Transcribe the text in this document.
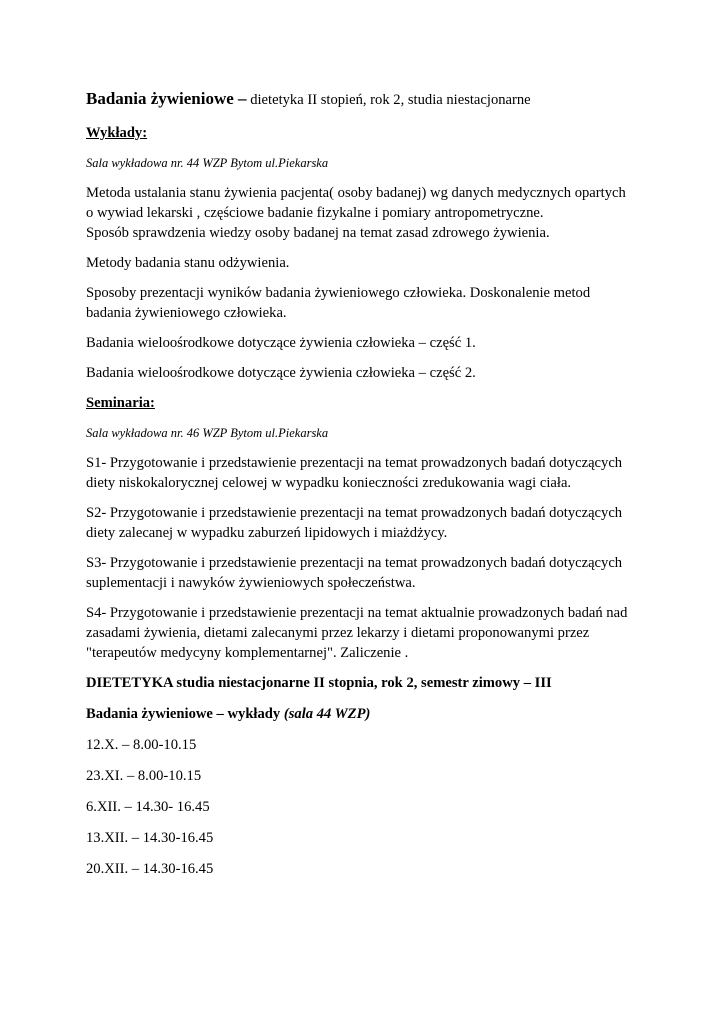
Badania żywieniowe – dietetyka II stopień, rok 2, studia niestacjonarne

Wykłady:

Sala wykładowa nr. 44 WZP Bytom ul.Piekarska

Metoda ustalania stanu żywienia pacjenta( osoby badanej) wg danych medycznych opartych
o wywiad lekarski , częściowe badanie fizykalne i pomiary antropometryczne.
Sposób sprawdzenia wiedzy osoby badanej na temat zasad zdrowego żywienia.

Metody badania stanu odżywienia.

Sposoby prezentacji wyników badania żywieniowego człowieka. Doskonalenie metod
badania żywieniowego człowieka.

Badania wieloośrodkowe dotyczące żywienia człowieka – część 1.

Badania wieloośrodkowe dotyczące żywienia człowieka – część 2.

Seminaria:

Sala wykładowa nr. 46 WZP Bytom ul.Piekarska

S1- Przygotowanie i przedstawienie prezentacji na temat prowadzonych badań dotyczących
diety niskokalorycznej celowej w wypadku konieczności zredukowania wagi ciała.

S2- Przygotowanie i przedstawienie prezentacji na temat prowadzonych badań dotyczących
diety zalecanej w wypadku zaburzeń lipidowych i miażdżycy.

S3- Przygotowanie i przedstawienie prezentacji na temat prowadzonych badań dotyczących
suplementacji i nawyków żywieniowych społeczeństwa.

S4- Przygotowanie i przedstawienie prezentacji na temat aktualnie prowadzonych badań nad
zasadami żywienia, dietami zalecanymi przez lekarzy i dietami proponowanymi przez
"terapeutów medycyny komplementarnej". Zaliczenie .

DIETETYKA studia niestacjonarne II stopnia, rok 2, semestr zimowy – III

Badania żywieniowe – wykłady (sala 44 WZP)

12.X. – 8.00-10.15

23.XI. – 8.00-10.15

6.XII. – 14.30- 16.45

13.XII. – 14.30-16.45

20.XII. – 14.30-16.45
